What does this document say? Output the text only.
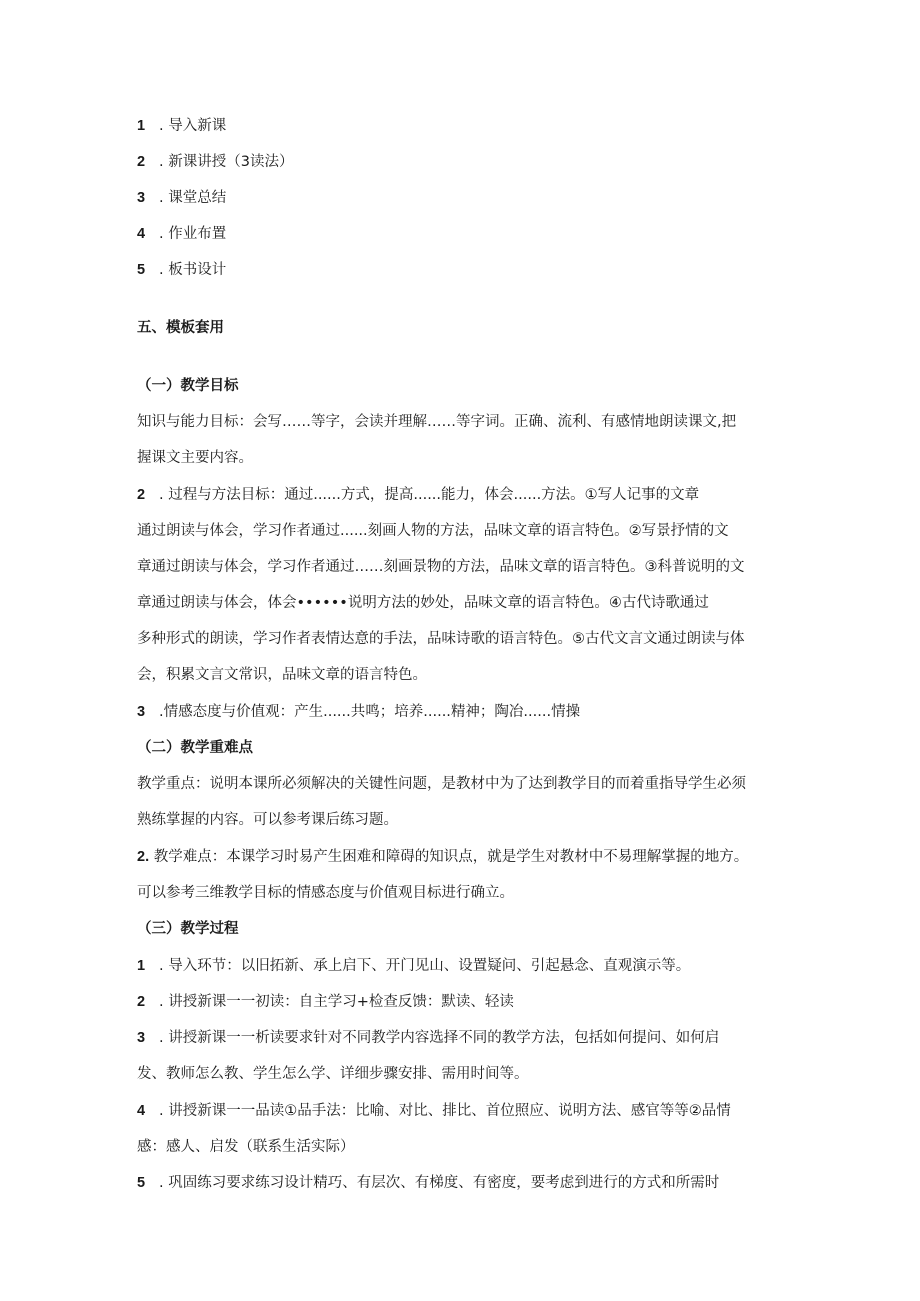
1 . 导入新课

2 . 新课讲授（3读法）

3 . 课堂总结

4 . 作业布置

5 . 板书设计

五、模板套用

（一）教学目标

知识与能力目标：会写……等字，会读并理解……等字词。正确、流利、有感情地朗读课文,把

握课文主要内容。

2 . 过程与方法目标：通过......方式，提高......能力，体会......方法。①写人记事的文章

通过朗读与体会，学习作者通过......刻画人物的方法，品味文章的语言特色。②写景抒情的文

章通过朗读与体会，学习作者通过……刻画景物的方法，品味文章的语言特色。③科普说明的文

章通过朗读与体会，体会••••••说明方法的妙处，品味文章的语言特色。④古代诗歌通过

多种形式的朗读，学习作者表情达意的手法，品味诗歌的语言特色。⑤古代文言文通过朗读与体

会，积累文言文常识，品味文章的语言特色。

3 .情感态度与价值观：产生......共鸣；培养......精神；陶冶......情操

（二）教学重难点

教学重点：说明本课所必须解决的关键性问题，是教材中为了达到教学目的而着重指导学生必须

熟练掌握的内容。可以参考课后练习题。

2. 教学难点：本课学习时易产生困难和障碍的知识点，就是学生对教材中不易理解掌握的地方。

可以参考三维教学目标的情感态度与价值观目标进行确立。

（三）教学过程

1 . 导入环节：以旧拓新、承上启下、开门见山、设置疑问、引起悬念、直观演示等。

2 . 讲授新课一一初读：自主学习+检查反馈：默读、轻读

3 . 讲授新课一一析读要求针对不同教学内容选择不同的教学方法，包括如何提问、如何启

发、教师怎么教、学生怎么学、详细步骤安排、需用时间等。

4 . 讲授新课一一品读①品手法：比喻、对比、排比、首位照应、说明方法、感官等等②品情

感：感人、启发（联系生活实际）

5 . 巩固练习要求练习设计精巧、有层次、有梯度、有密度，要考虑到进行的方式和所需时
